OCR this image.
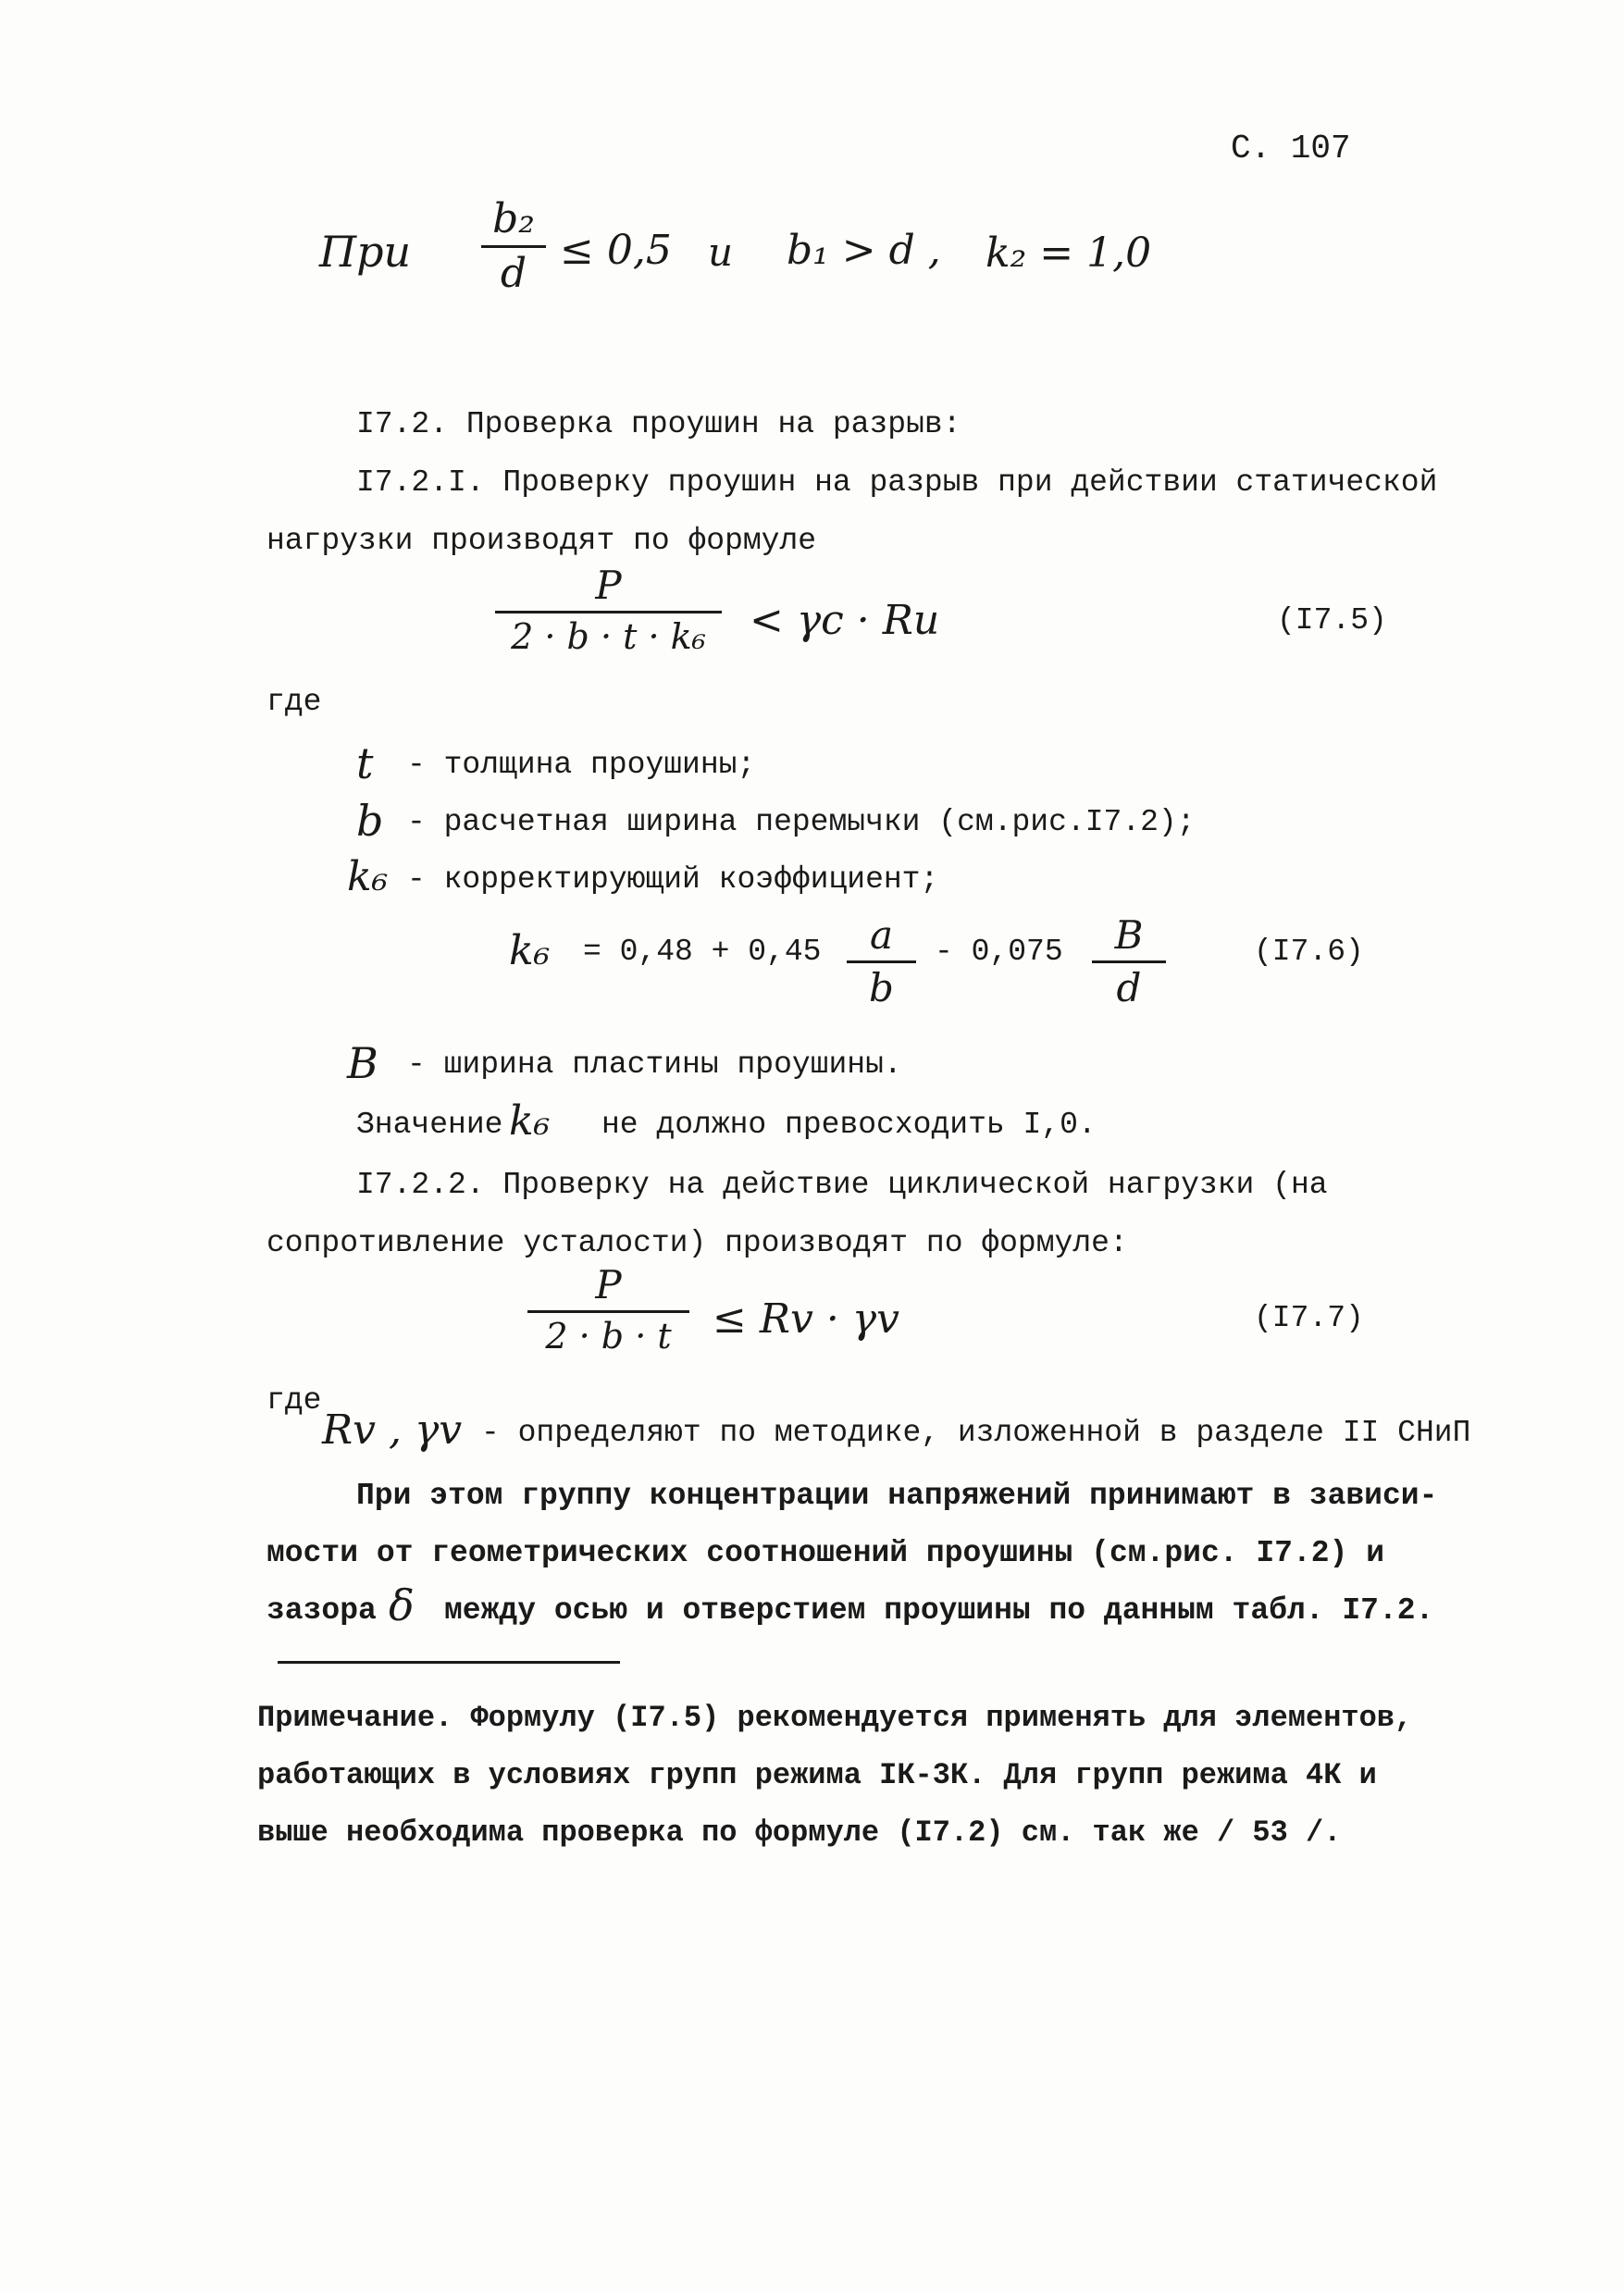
С. 107
При
b₂
d ≤ 0,5 и b₁ > d , k₂ = 1,0
I7.2. Проверка проушин на разрыв:
I7.2.I. Проверку проушин на разрыв при действии статической
нагрузки производят по формуле
P
2 · b · t · k₆ < γc · Rи	(I7.5)
где
t - толщина проушины;
b - расчетная ширина перемычки (см.рис.I7.2);
k₆ - корректирующий коэффициент;
k₆ = 0,48 + 0,45 a
b
- 0,075 B
d
(I7.6)
B - ширина пластины проушины.
Значение k₆ не должно превосходить I,0.
I7.2.2. Проверку на действие циклической нагрузки (на
сопротивление усталости) производят по формуле:
P
2 · b · t ≤ Rv · γv	(I7.7)
где
Rv , γv - определяют по методике, изложенной в разделе II СНиП
При этом группу концентрации напряжений принимают в зависи-
мости от геометрических соотношений проушины (см.рис. I7.2) и
зазора δ между осью и отверстием проушины по данным табл. I7.2.
Примечание. Формулу (I7.5) рекомендуется применять для элементов,
работающих в условиях групп режима IК-3К. Для групп режима 4К и
выше необходима проверка по формуле (I7.2) см. так же / 53 /.
